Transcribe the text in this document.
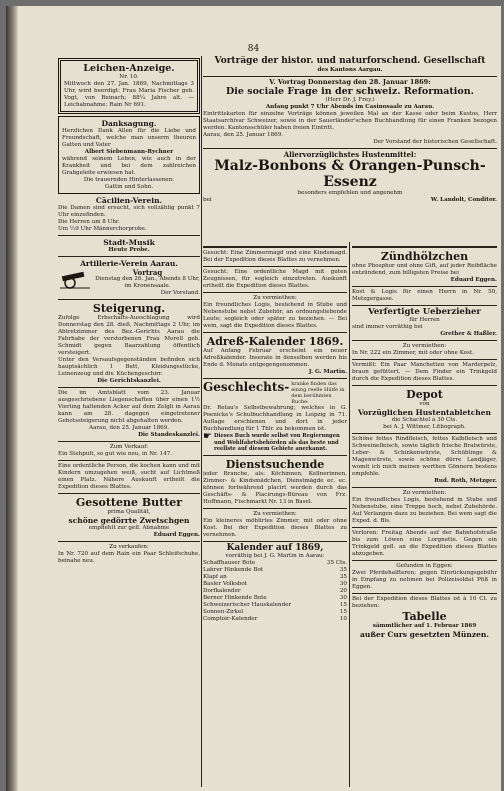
84
Leichen-Anzeige.

Nr. 10.

Mittwoch den 27. Jan. 1869, Nachmittags 3 Uhr, wird beerdigt: Frau Maria Fischer geb. Vogt, von Reinach; 88¼ Jahre alt. — Leichabnahme: Rain Nr 691.

Danksagung.

Herzlichen Dank Allen für die Liebe und Freundschaft, welche man unserm theuren Gatten und Vater

Albert Siebenmann-Rychner

während seinem Leben, wie auch in der Krankheit und bei dem zahlreichen Grabgeleite erwiesen hat.

Die trauernden Hinterlassenen:

Gattin und Sohn.

Cäcilien-Verein.

Die Damen sind ersucht, sich vollzählig punkt 7 Uhr einzufinden.

Die Herren um 8 Uhr.

Um ½9 Uhr Männerchorprobe.

Stadt-Musik

Heute Probe.

Artillerie-Verein Aarau.

Vortrag

Dienstag den 26. Jan., Abends 8 Uhr, im Kronensaale.

Der Vorstand.

Steigerung.

Zufolge Erbschafts-Ausschlagung wird Donnerstag den 28. dieß, Nachmittags 2 Uhr, im Abtretzimmer des Bez.-Gerichts Aarau die Fahrhabe der verstorbenen Frau Morell geb. Schmidt gegen Baarzahlung öffentlich versteigert.

Unter den Versaufsgegenständen befinden sich hauptsächlich 1 Bett, Kleidungsstücke, Leinenzeug und div. Küchengeschirr.

Die Gerichtskanzlei.

Die im Amtsblatt vom 23. Januar ausgeschriebene Liegenschaften über einen 1½ Vierling haltenden Acker auf dem Zelgli in Aarau kann am 28. dagegen eingetretener Gebotssteigerung nicht abgehalten werden.

Aarau, den 25. Januar 1869.

Die Standeskanzlei.

Zum Verkauf:

Ein Stehpult, so gut wie neu, in Nr. 147.

Eine ordentliche Person, die kochen kann und mit Kindern umzugehen weiß, sucht auf Lichtmeß einen Platz. Nähere Auskunft ertheilt die Expedition dieses Blattes.

Gesottene Butter

prima Qualität,

schöne gedörrte Zwetschgen

empfiehlt zur gefl. Abnahme

Eduard Eggen.

Zu verkaufen:

In Nr. 720 auf dem Rain ein Paar Schleifschuhe, beinahe neu.

Vorträge der histor. und naturforschend. Gesellschaft

des Kantons Aargau.

V. Vortrag Donnerstag den 28. Januar 1869:

Die sociale Frage in der schweiz. Reformation.

(Herr Dr. J. Frey.)

Anfang punkt 7 Uhr Abends im Casinosaale zu Aarau.

Eintrittskarten für einzelne Vorträge können jeweilen Mal an der Kasse oder beim Kustos, Herr Staatsarchivar Schweizer, sowie in der Sauerländer'schen Buchhandlung für einen Franken bezogen werden. Kantonsschüler haben freien Eintritt.

Aarau, den 25. Januar 1869.

Der Vorstand der historischen Gesellschaft.

Allervorzüglichstes Hustenmittel:

Malz-Bonbons & Orangen-Punsch-Essenz

besonders empfehlen und angenehm

bei	W. Landolt, Conditor.

Gesucht: Eine Zimmermagd und eine Kindsmagd. Bei der Expedition dieses Blattes zu vernehmen.

Gesucht: Eine ordentliche Magd mit guten Zeugnissen, für sogleich einzutreten. Auskunft ertheilt die Expedition dieses Blattes.

Zu vermiethen:

Ein freundliches Logis, bestehend in Stube und Nebenstube nebst Zubehör, an ordnungsliebende Leute; sogleich oder später zu beziehen. — Bei wem, sagt die Expedition dieses Blattes.

Adreß-Kalender 1869.

Auf Anfang Februar erscheint ein neuer Adreßkalender. Inserate in denselben werden bis Ende d. Monats entgegengenommen.

J. G. Martin.

Geschlechts- kranke finden das einzig reelle Hülfe in dem berühmten Buche:

Dr. Retau's Selbstbewahrung; welches in G. Poenicke's Schulbuchhandlung in Leipzig in 71. Auflage erschienen und dort in jeder Buchhandlung für 1 Thlr. zu bekommen ist.

☛ Dieses Buch wurde selbst von Regierungen und Wohlfahrtsbehörden als das beste und reellste auf diesem Gebiete anerkannt.

Dienstsuchende

jeder Branche, als: Köchinnen, Kellnerinnen, Zimmer- & Kindsmädchen, Dienstmägde ec. ec. können fortwährend placirt werden durch das Geschäfts- & Placirungs-Büreau von Frz. Hoffmann, Fischmarkt Nr. 13 in Basel.

Zu vermiethen:

Ein kleineres möblirtes Zimmer, mit oder ohne Kost. Bei der Expedition dieses Blattes zu vernehmen.

Kalender auf 1869,

vorräthig bei J. G. Martin in Aarau:

Schaffhauser Bote	35 Cts.
Lahrer Hinkende Bot	35
Klapf an	35
Basler Volksbot	30
Dorfkalender	20
Berner Hinkende Bote	30
Schweizerischer Hauskalender	15
Sonnen-Zirkel	15
Comptoir-Kalender	10
Zündhölzchen

ohne Phosphor und ohne Gift, auf jeder Reibfläche entzündend, zum billigsten Preise bei

Eduard Eggen.

Kost & Logis für einen Herrn in Nr. 50, Metzgergasse.

Verfertigte Ueberzieher

für Herren

sind immer vorräthig bei

Grether & Haßler.

Zu vermiethen:

In Nr. 222 ein Zimmer, mit oder ohne Kost.

Vermißt: Ein Paar Manchetten von Marderpelz, braun gefüttert. — Dem Finder ein Trinkgeld durch die Expedition dieses Blattes.

Depot

von

Vorzüglichen Hustentabletchen

die Schachtel à 30 Cts.

bei A. J. Wittmer, Lithograph.

Schöne fettes Rindfleisch, fettes Kalbfleisch und Schweinefleisch, sowie täglich frische Bratwürste, Leber- & Schinkenwürste, Schüblinge & Magenwürste, sowie schöne dürre Landjäger, womit ich mich meinen werthen Gönnern bestens empfehle.

Rud. Roth, Metzger.

Zu vermiethen:

Ein freundliches Logis, bestehend in Stube und Nebenstube, eine Treppe hoch, nebst Zubehörde. Auf Verlangen dazu zu beziehen. Bei wem sagt die Exped. d. Bls.

Verloren: Freitag Abends auf der Bahnhofstraße bis zum Löwen eine Lorgnette. Gegen ein Trinkgeld gefl. an die Expedition dieses Blattes abzugeben.

Gefunden in Eggen:

Zwei Pferdehalfteren; gegen Einrückungsgebühr in Empfang zu nehmen bei Polizeisoldat Pfiß in Eggen.

Bei der Expedition dieses Blattes ist à 10 Ct. zu beziehen:

Tabelle

sämmtlicher auf 1. Februar 1869

außer Curs gesetzten Münzen.
